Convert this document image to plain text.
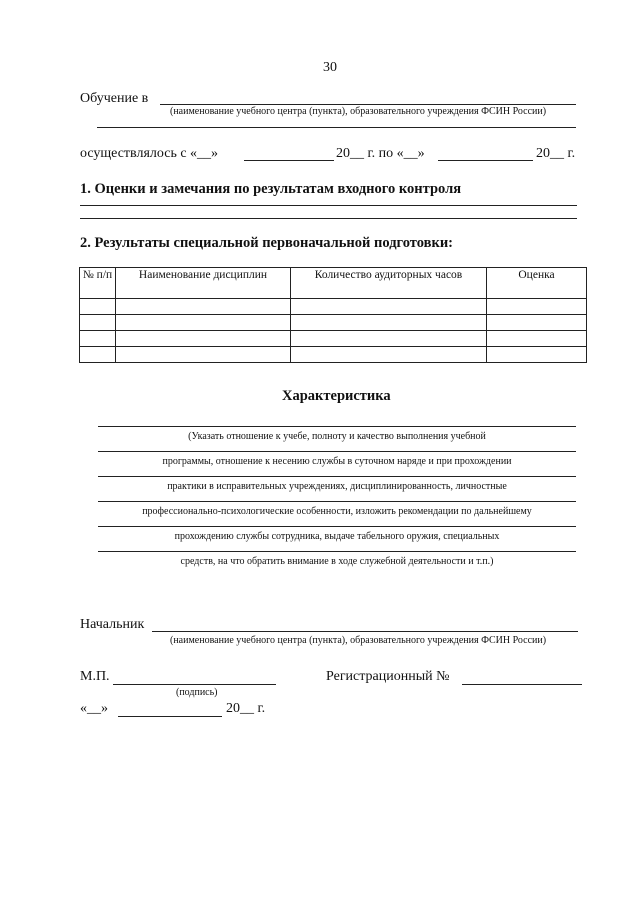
30
Обучение в
(наименование учебного центра (пункта), образовательного учреждения ФСИН России)
осуществлялось с «__»	20__ г. по «__»	20__ г.
1. Оценки и замечания по результатам входного контроля
2. Результаты специальной первоначальной подготовки:
№ п/п	Наименование дисциплин	Количество аудиторных часов	Оценка

Характеристика
(Указать отношение к учебе, полноту и качество выполнения учебной
программы, отношение к несению службы в суточном наряде и при прохождении
практики в исправительных учреждениях, дисциплинированность, личностные
профессионально-психологические особенности, изложить рекомендации по дальнейшему
прохождению службы сотрудника, выдаче табельного оружия, специальных
средств, на что обратить внимание в ходе служебной деятельности и т.п.)
Начальник
(наименование учебного центра (пункта), образовательного учреждения ФСИН России)
М.П.
(подпись)
Регистрационный №
«__»	20__ г.
